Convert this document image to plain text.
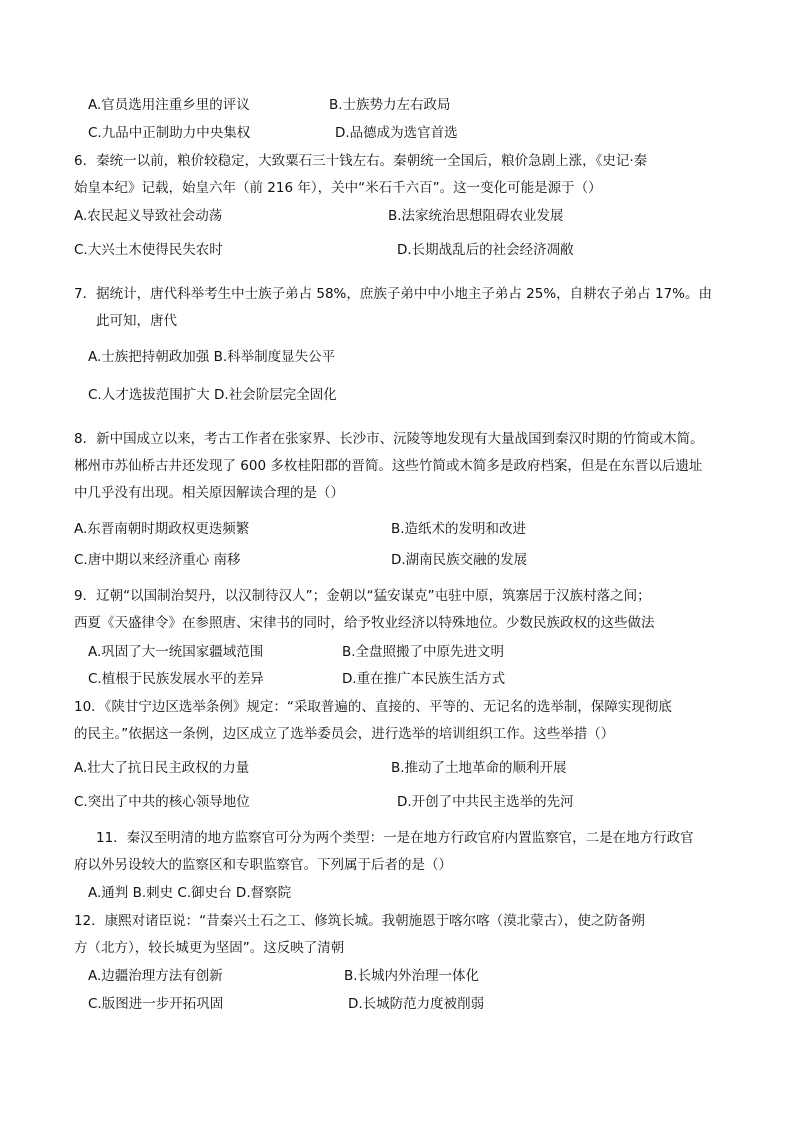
A.官员选用注重乡里的评议	B.士族势力左右政局
C.九品中正制助力中央集权	D.品德成为选官首选
6．秦统一以前，粮价较稳定，大致粟石三十钱左右。秦朝统一全国后，粮价急剧上涨，《史记·秦
始皇本纪》记载，始皇六年（前 216 年），关中“米石千六百”。这一变化可能是源于（）
A.农民起义导致社会动荡	B.法家统治思想阻碍农业发展
C.大兴土木使得民失农时	D.长期战乱后的社会经济凋敝
7．据统计，唐代科举考生中士族子弟占 58%，庶族子弟中中小地主子弟占 25%，自耕农子弟占 17%。由
此可知，唐代
A.士族把持朝政加强 B.科举制度显失公平
C.人才选拔范围扩大 D.社会阶层完全固化
8．新中国成立以来，考古工作者在张家界、长沙市、沅陵等地发现有大量战国到秦汉时期的竹简或木简。
郴州市苏仙桥古井还发现了 600 多枚桂阳郡的晋简。这些竹简或木简多是政府档案，但是在东晋以后遗址
中几乎没有出现。相关原因解读合理的是（）
A.东晋南朝时期政权更迭频繁	B.造纸术的发明和改进
C.唐中期以来经济重心 南移	D.湖南民族交融的发展
9．辽朝“以国制治契丹，以汉制待汉人”；金朝以“猛安谋克”屯驻中原，筑寨居于汉族村落之间；
西夏《天盛律令》在参照唐、宋律书的同时，给予牧业经济以特殊地位。少数民族政权的这些做法
A.巩固了大一统国家疆域范围	B.全盘照搬了中原先进文明
C.植根于民族发展水平的差异	D.重在推广本民族生活方式
10．《陕甘宁边区选举条例》规定：“采取普遍的、直接的、平等的、无记名的选举制，保障实现彻底
的民主。”依据这一条例，边区成立了选举委员会，进行选举的培训组织工作。这些举措（）
A.壮大了抗日民主政权的力量	B.推动了土地革命的顺利开展
C.突出了中共的核心领导地位	D.开创了中共民主选举的先河
11．秦汉至明清的地方监察官可分为两个类型：一是在地方行政官府内置监察官，二是在地方行政官
府以外另设较大的监察区和专职监察官。下列属于后者的是（）
A.通判 B.刺史 C.御史台 D.督察院
12．康熙对诸臣说：“昔秦兴土石之工、修筑长城。我朝施恩于喀尔喀（漠北蒙古），使之防备朔
方（北方），较长城更为坚固”。这反映了清朝
A.边疆治理方法有创新	B.长城内外治理一体化
C.版图进一步开拓巩固	D.长城防范力度被削弱
